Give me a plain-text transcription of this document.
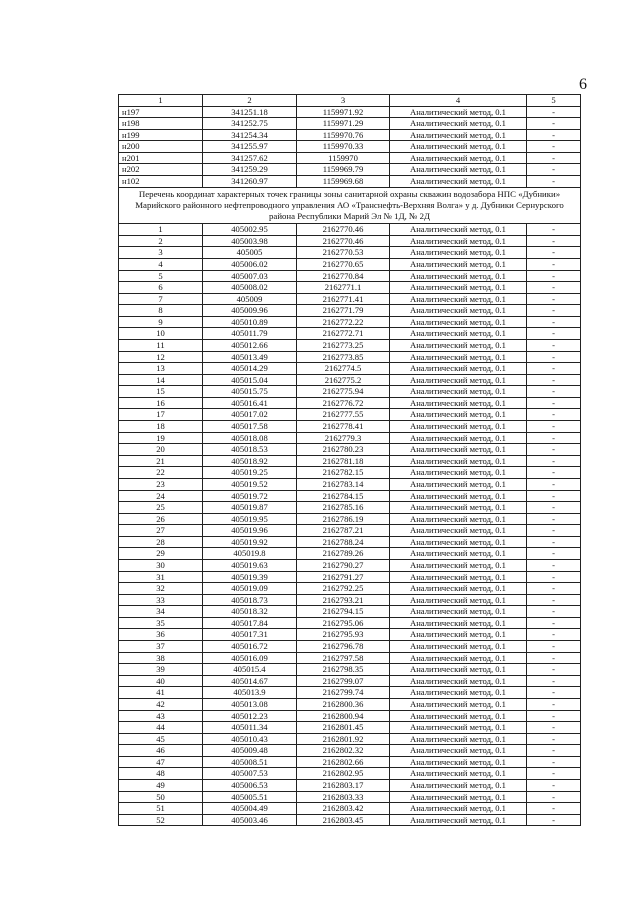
6
1	2	3	4	5
н197	341251.18	1159971.92	Аналитический метод, 0.1	-
н198	341252.75	1159971.29	Аналитический метод, 0.1	-
н199	341254.34	1159970.76	Аналитический метод, 0.1	-
н200	341255.97	1159970.33	Аналитический метод, 0.1	-
н201	341257.62	1159970	Аналитический метод, 0.1	-
н202	341259.29	1159969.79	Аналитический метод, 0.1	-
н102	341260.97	1159969.68	Аналитический метод, 0.1	-
Перечень координат характерных точек границы зоны санитарной охраны скважин водозабора НПС «Дубники» Марийского районного нефтепроводного управления АО «Транснефть-Верхняя Волга» у д. Дубники Сернурского района Республики Марий Эл № 1Д, № 2Д				
1	405002.95	2162770.46	Аналитический метод, 0.1	-
2	405003.98	2162770.46	Аналитический метод, 0.1	-
3	405005	2162770.53	Аналитический метод, 0.1	-
4	405006.02	2162770.65	Аналитический метод, 0.1	-
5	405007.03	2162770.84	Аналитический метод, 0.1	-
6	405008.02	2162771.1	Аналитический метод, 0.1	-
7	405009	2162771.41	Аналитический метод, 0.1	-
8	405009.96	2162771.79	Аналитический метод, 0.1	-
9	405010.89	2162772.22	Аналитический метод, 0.1	-
10	405011.79	2162772.71	Аналитический метод, 0.1	-
11	405012.66	2162773.25	Аналитический метод, 0.1	-
12	405013.49	2162773.85	Аналитический метод, 0.1	-
13	405014.29	2162774.5	Аналитический метод, 0.1	-
14	405015.04	2162775.2	Аналитический метод, 0.1	-
15	405015.75	2162775.94	Аналитический метод, 0.1	-
16	405016.41	2162776.72	Аналитический метод, 0.1	-
17	405017.02	2162777.55	Аналитический метод, 0.1	-
18	405017.58	2162778.41	Аналитический метод, 0.1	-
19	405018.08	2162779.3	Аналитический метод, 0.1	-
20	405018.53	2162780.23	Аналитический метод, 0.1	-
21	405018.92	2162781.18	Аналитический метод, 0.1	-
22	405019.25	2162782.15	Аналитический метод, 0.1	-
23	405019.52	2162783.14	Аналитический метод, 0.1	-
24	405019.72	2162784.15	Аналитический метод, 0.1	-
25	405019.87	2162785.16	Аналитический метод, 0.1	-
26	405019.95	2162786.19	Аналитический метод, 0.1	-
27	405019.96	2162787.21	Аналитический метод, 0.1	-
28	405019.92	2162788.24	Аналитический метод, 0.1	-
29	405019.8	2162789.26	Аналитический метод, 0.1	-
30	405019.63	2162790.27	Аналитический метод, 0.1	-
31	405019.39	2162791.27	Аналитический метод, 0.1	-
32	405019.09	2162792.25	Аналитический метод, 0.1	-
33	405018.73	2162793.21	Аналитический метод, 0.1	-
34	405018.32	2162794.15	Аналитический метод, 0.1	-
35	405017.84	2162795.06	Аналитический метод, 0.1	-
36	405017.31	2162795.93	Аналитический метод, 0.1	-
37	405016.72	2162796.78	Аналитический метод, 0.1	-
38	405016.09	2162797.58	Аналитический метод, 0.1	-
39	405015.4	2162798.35	Аналитический метод, 0.1	-
40	405014.67	2162799.07	Аналитический метод, 0.1	-
41	405013.9	2162799.74	Аналитический метод, 0.1	-
42	405013.08	2162800.36	Аналитический метод, 0.1	-
43	405012.23	2162800.94	Аналитический метод, 0.1	-
44	405011.34	2162801.45	Аналитический метод, 0.1	-
45	405010.43	2162801.92	Аналитический метод, 0.1	-
46	405009.48	2162802.32	Аналитический метод, 0.1	-
47	405008.51	2162802.66	Аналитический метод, 0.1	-
48	405007.53	2162802.95	Аналитический метод, 0.1	-
49	405006.53	2162803.17	Аналитический метод, 0.1	-
50	405005.51	2162803.33	Аналитический метод, 0.1	-
51	405004.49	2162803.42	Аналитический метод, 0.1	-
52	405003.46	2162803.45	Аналитический метод, 0.1	-
